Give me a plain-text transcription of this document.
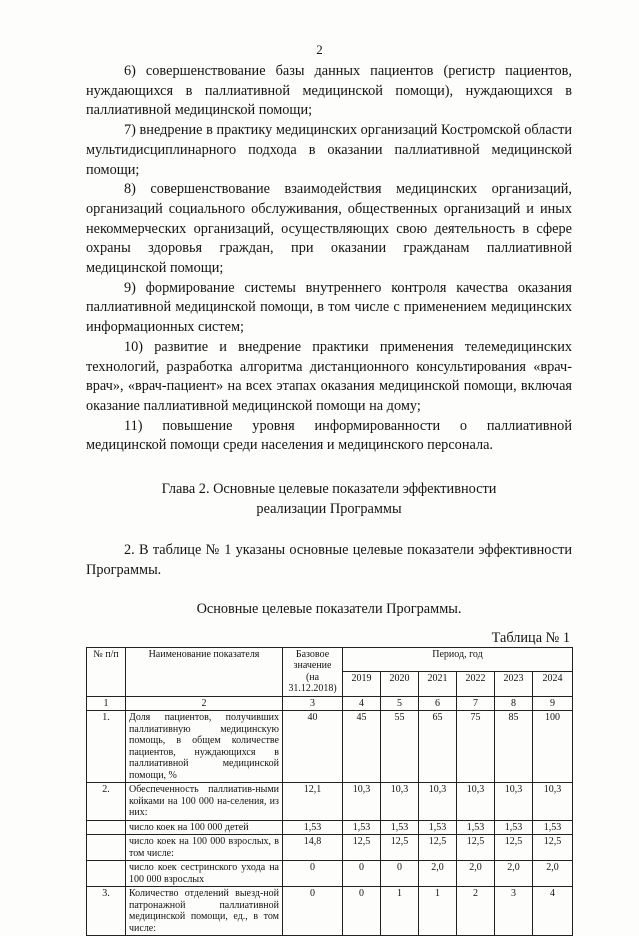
2

6) совершенствование базы данных пациентов (регистр пациентов, нуждающихся в паллиативной медицинской помощи), нуждающихся в паллиативной медицинской помощи;

7) внедрение в практику медицинских организаций Костромской области мультидисциплинарного подхода в оказании паллиативной медицинской помощи;

8) совершенствование взаимодействия медицинских организаций, организаций социального обслуживания, общественных организаций и иных некоммерческих организаций, осуществляющих свою деятельность в сфере охраны здоровья граждан, при оказании гражданам паллиативной медицинской помощи;

9) формирование системы внутреннего контроля качества оказания паллиативной медицинской помощи, в том числе с применением медицинских информационных систем;

10) развитие и внедрение практики применения телемедицинских технологий, разработка алгоритма дистанционного консультирования «врач-врач», «врач-пациент» на всех этапах оказания медицинской помощи, включая оказание паллиативной медицинской помощи на дому;

11) повышение уровня информированности о паллиативной медицинской помощи среди населения и медицинского персонала.

Глава 2. Основные целевые показатели эффективности
реализации Программы

2. В таблице № 1 указаны основные целевые показатели эффективности Программы.

Основные целевые показатели Программы.
Таблица № 1
№ п/п	Наименование показателя	Базовое значение (на 31.12.2018)	Период, год					
			2019	2020	2021	2022	2023	2024
1	2	3	4	5	6	7	8	9
1.	Доля пациентов, получивших паллиативную медицинскую помощь, в общем количестве пациентов, нуждающихся в паллиативной медицинской помощи, %	40	45	55	65	75	85	100
2.	Обеспеченность паллиатив-ными койками на 100 000 на-селения, из них:	12,1	10,3	10,3	10,3	10,3	10,3	10,3
	число коек на 100 000 детей	1,53	1,53	1,53	1,53	1,53	1,53	1,53
	число коек на 100 000 взрослых, в том числе:	14,8	12,5	12,5	12,5	12,5	12,5	12,5
	число коек сестринского ухода на 100 000 взрослых	0	0	0	2,0	2,0	2,0	2,0
3.	Количество отделений выезд-ной патронажной паллиативной медицинской помощи, ед., в том числе:	0	0	1	1	2	3	4
